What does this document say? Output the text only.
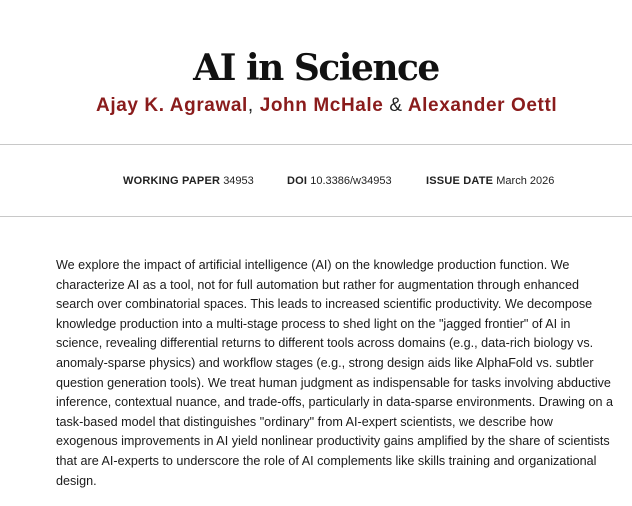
AI in Science
Ajay K. Agrawal, John McHale & Alexander Oettl
WORKING PAPER 34953	DOI 10.3386/w34953	ISSUE DATE March 2026

We explore the impact of artificial intelligence (AI) on the knowledge production function. We characterize AI as a tool, not for full automation but rather for augmentation through enhanced search over combinatorial spaces. This leads to increased scientific productivity. We decompose knowledge production into a multi-stage process to shed light on the "jagged frontier" of AI in science, revealing differential returns to different tools across domains (e.g., data-rich biology vs. anomaly-sparse physics) and workflow stages (e.g., strong design aids like AlphaFold vs. subtler question generation tools). We treat human judgment as indispensable for tasks involving abductive inference, contextual nuance, and trade-offs, particularly in data-sparse environments. Drawing on a task-based model that distinguishes "ordinary" from AI-expert scientists, we describe how exogenous improvements in AI yield nonlinear productivity gains amplified by the share of scientists that are AI-experts to underscore the role of AI complements like skills training and organizational design.
